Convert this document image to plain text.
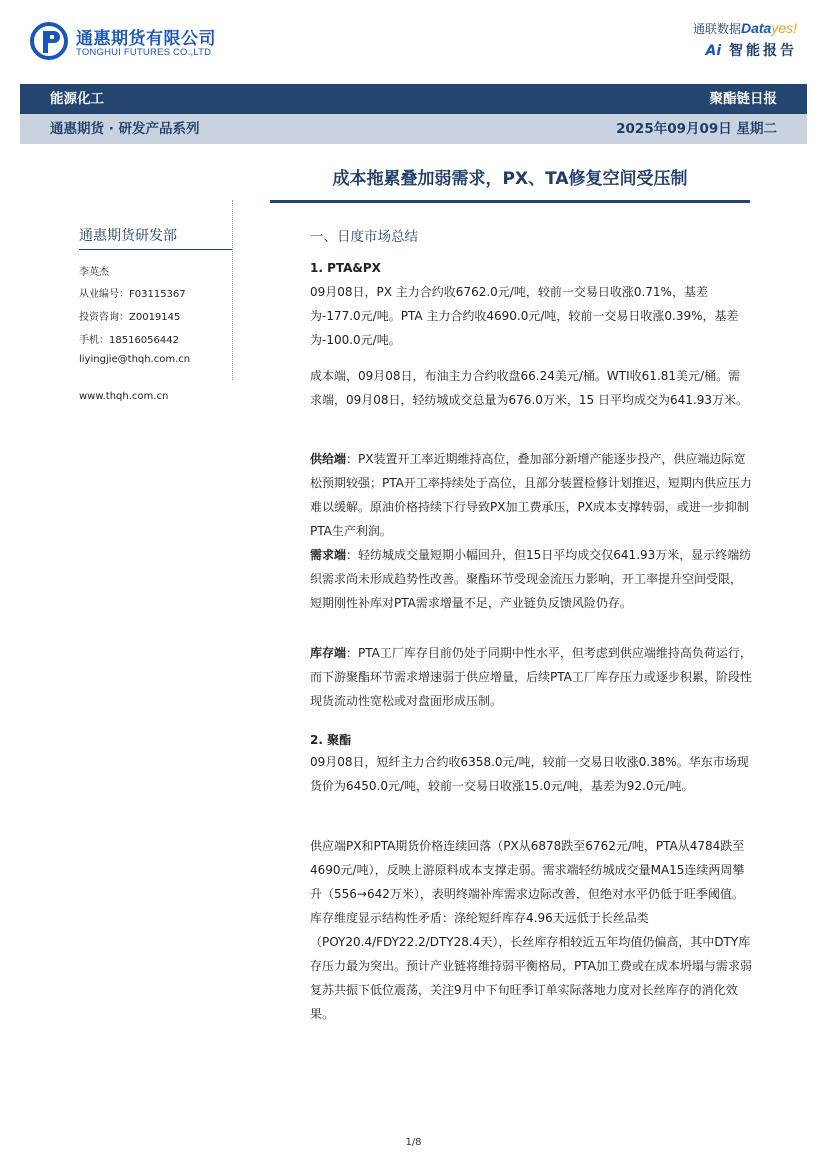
通惠期货有限公司
TONGHUI FUTURES CO.,LTD
通联数据Datayes!
Ai 智能报告
能源化工	聚酯链日报
通惠期货 · 研发产品系列	2025年09月09日 星期二
成本拖累叠加弱需求，PX、TA修复空间受压制
通惠期货研发部
李英杰
从业编号：F03115367
投资咨询：Z0019145
手机：18516056442
liyingjie@thqh.com.cn
www.thqh.com.cn
一、日度市场总结
1. PTA&PX
09月08日，PX 主力合约收6762.0元/吨，较前一交易日收涨0.71%，基差为-177.0元/吨。PTA 主力合约收4690.0元/吨，较前一交易日收涨0.39%，基差为-100.0元/吨。
成本端，09月08日，布油主力合约收盘66.24美元/桶。WTI收61.81美元/桶。需求端，09月08日，轻纺城成交总量为676.0万米，15 日平均成交为641.93万米。
供给端：PX装置开工率近期维持高位，叠加部分新增产能逐步投产，供应端边际宽松预期较强；PTA开工率持续处于高位，且部分装置检修计划推迟，短期内供应压力难以缓解。原油价格持续下行导致PX加工费承压，PX成本支撑转弱，或进一步抑制PTA生产利润。
需求端：轻纺城成交量短期小幅回升，但15日平均成交仅641.93万米，显示终端纺织需求尚未形成趋势性改善。聚酯环节受现金流压力影响，开工率提升空间受限，短期刚性补库对PTA需求增量不足，产业链负反馈风险仍存。
库存端：PTA工厂库存目前仍处于同期中性水平，但考虑到供应端维持高负荷运行，而下游聚酯环节需求增速弱于供应增量，后续PTA工厂库存压力或逐步积累，阶段性现货流动性宽松或对盘面形成压制。
2. 聚酯
09月08日，短纤主力合约收6358.0元/吨，较前一交易日收涨0.38%。华东市场现货价为6450.0元/吨，较前一交易日收涨15.0元/吨，基差为92.0元/吨。
供应端PX和PTA期货价格连续回落（PX从6878跌至6762元/吨，PTA从4784跌至4690元/吨），反映上游原料成本支撑走弱。需求端轻纺城成交量MA15连续两周攀升（556→642万米），表明终端补库需求边际改善，但绝对水平仍低于旺季阈值。库存维度显示结构性矛盾：涤纶短纤库存4.96天远低于长丝品类（POY20.4/FDY22.2/DTY28.4天），长丝库存相较近五年均值仍偏高，其中DTY库存压力最为突出。预计产业链将维持弱平衡格局，PTA加工费或在成本坍塌与需求弱复苏共振下低位震荡，关注9月中下旬旺季订单实际落地力度对长丝库存的消化效果。
1/8
